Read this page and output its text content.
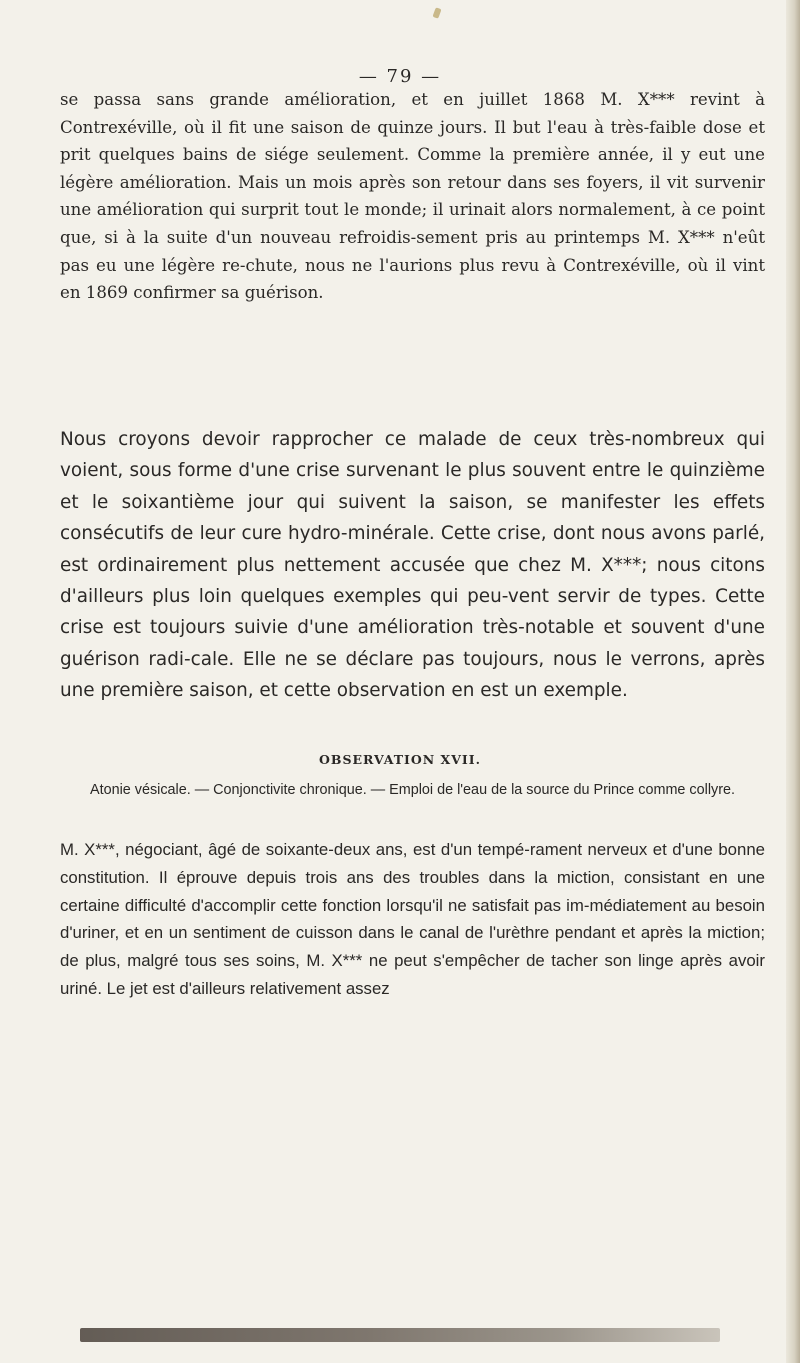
— 79 —

se passa sans grande amélioration, et en juillet 1868 M. X*** revint à Contrexéville, où il fit une saison de quinze jours. Il but l'eau à très-faible dose et prit quelques bains de siége seulement. Comme la première année, il y eut une légère amélioration. Mais un mois après son retour dans ses foyers, il vit survenir une amélioration qui surprit tout le monde; il urinait alors normalement, à ce point que, si à la suite d'un nouveau refroidis-sement pris au printemps M. X*** n'eût pas eu une légère re-chute, nous ne l'aurions plus revu à Contrexéville, où il vint en 1869 confirmer sa guérison.

Nous croyons devoir rapprocher ce malade de ceux très-nombreux qui voient, sous forme d'une crise survenant le plus souvent entre le quinzième et le soixantième jour qui suivent la saison, se manifester les effets consécutifs de leur cure hydro-minérale. Cette crise, dont nous avons parlé, est ordinairement plus nettement accusée que chez M. X***; nous citons d'ailleurs plus loin quelques exemples qui peu-vent servir de types. Cette crise est toujours suivie d'une amélioration très-notable et souvent d'une guérison radi-cale. Elle ne se déclare pas toujours, nous le verrons, après une première saison, et cette observation en est un exemple.

OBSERVATION XVII.

Atonie vésicale. — Conjonctivite chronique. — Emploi de l'eau de la source du Prince comme collyre.

M. X***, négociant, âgé de soixante-deux ans, est d'un tempé-rament nerveux et d'une bonne constitution. Il éprouve depuis trois ans des troubles dans la miction, consistant en une certaine difficulté d'accomplir cette fonction lorsqu'il ne satisfait pas im-médiatement au besoin d'uriner, et en un sentiment de cuisson dans le canal de l'urèthre pendant et après la miction; de plus, malgré tous ses soins, M. X*** ne peut s'empêcher de tacher son linge après avoir uriné. Le jet est d'ailleurs relativement assez
